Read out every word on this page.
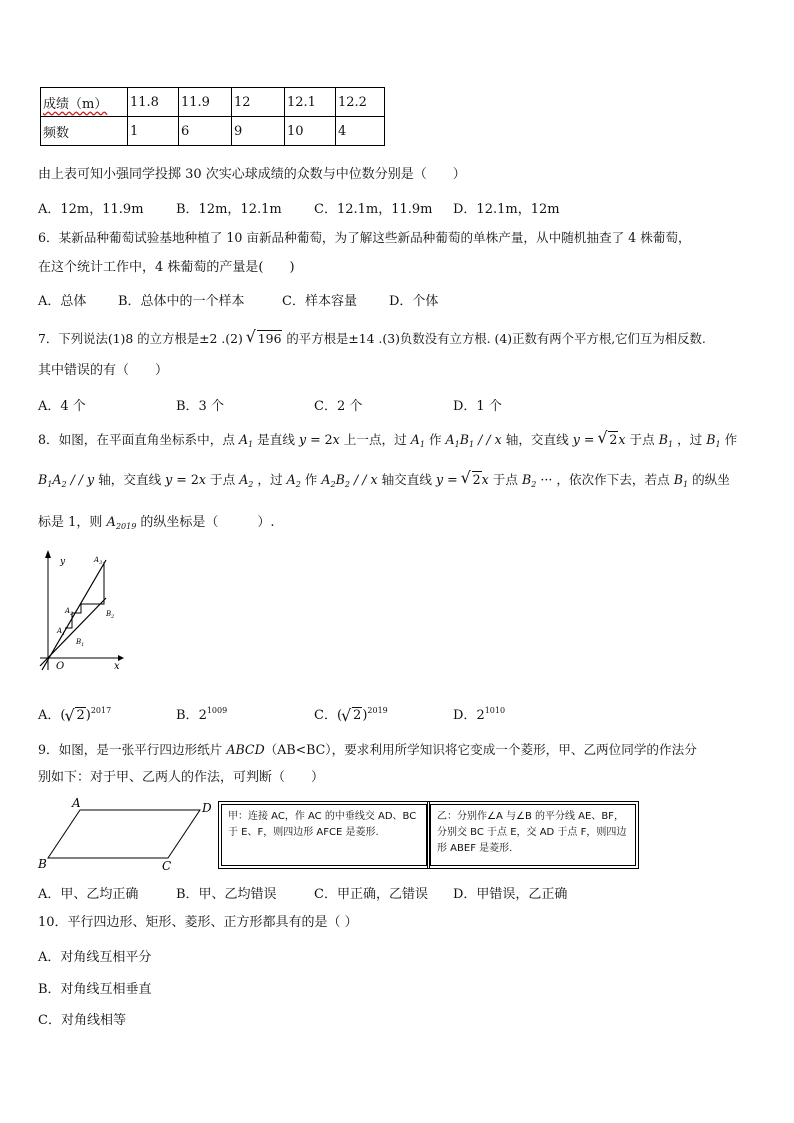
成绩（m）	11.8	11.9	12	12.1	12.2
频数	1	6	9	10	4
由上表可知小强同学投掷 30 次实心球成绩的众数与中位数分别是（　　）
A．12m，11.9m B．12m，12.1m C．12.1m，11.9m D．12.1m，12m
6．某新品种葡萄试验基地种植了 10 亩新品种葡萄，为了解这些新品种葡萄的单株产量，从中随机抽查了 4 株葡萄，
在这个统计工作中，4 株葡萄的产量是(　　)
A．总体 B．总体中的一个样本	C．样本容量 D．个体
7．下列说法(1)8 的立方根是±2 .(2) √ 196 的平方根是±14 .(3)负数没有立方根. (4)正数有两个平方根,它们互为相反数.
其中错误的有（　　）
A．4 个	B．3 个	C．2 个	D．1 个
8．如图，在平面直角坐标系中，点 $A_1$ 是直线 y = 2x 上一点，过 $A_1$ 作 $A_1B_1$ / / x 轴，交直线 y = √ 2x 于点 $B_1$ ，过 $B_1$ 作
$B_1A_2$ / / y 轴，交直线 y = 2x 于点 $A_2$ ，过 $A_2$ 作 $A_2B_2$ / / x 轴交直线 y = √ 2x 于点 $B_2$ ··· ，依次作下去，若点 $B_1$ 的纵坐
标是 1，则 $A_{2019}$ 的纵坐标是（　　　）.
y
x
O
$A_3$
$A_2$	$B_2$
$A_1$
$B_1$
A．( √ 2)$^{2017}$	B．$2^{1009}$	C．( √ 2)$^{2019}$	D．$2^{1010}$
9．如图，是一张平行四边形纸片 ABCD（AB<BC），要求利用所学知识将它变成一个菱形，甲、乙两位同学的作法分
别如下：对于甲、乙两人的作法，可判断（　　）
A	D
B	C
甲：连接 AC，作 AC 的中垂线交 AD、BC 于 E、F，则四边形 AFCE 是菱形.
乙：分别作∠A 与∠B 的平分线 AE、BF，分别交 BC 于点 E，交 AD 于点 F，则四边形 ABEF 是菱形.
A．甲、乙均正确	B．甲、乙均错误	C．甲正确，乙错误 D．甲错误，乙正确
10．平行四边形、矩形、菱形、正方形都具有的是（ ）
A．对角线互相平分
B．对角线互相垂直
C．对角线相等
